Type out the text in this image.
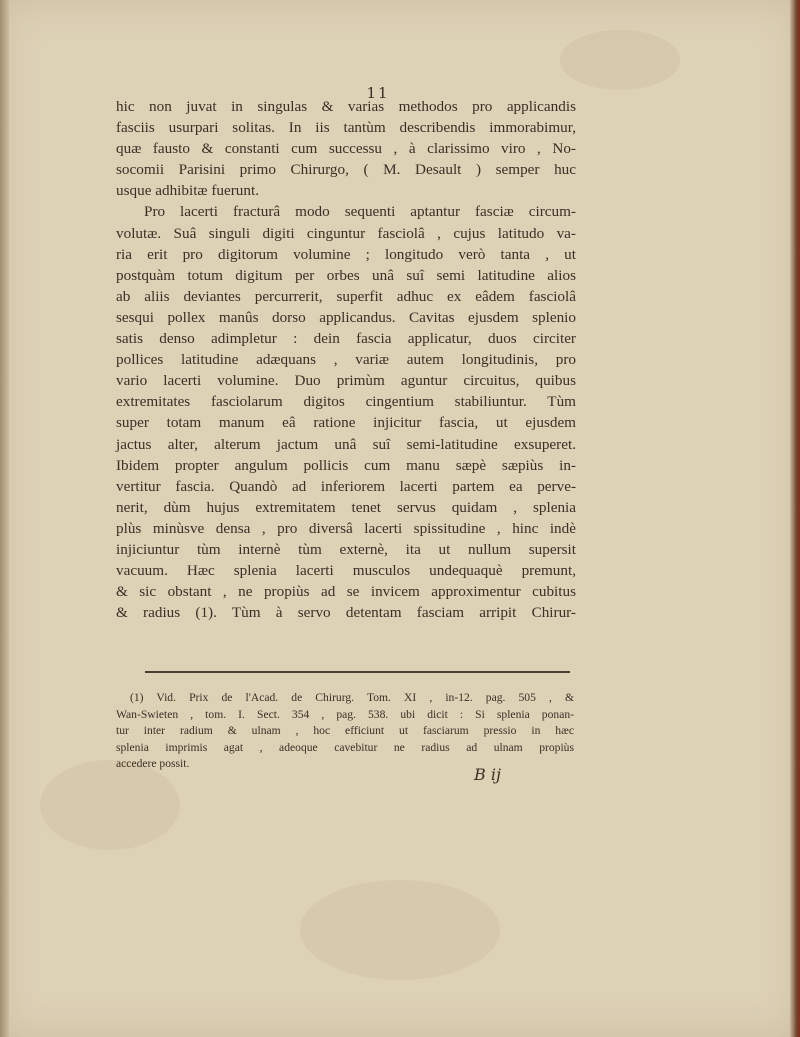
11
hic non juvat in singulas & varias methodos pro applicandis
fasciis usurpari solitas. In iis tantùm describendis immorabimur,
quæ fausto & constanti cum successu , à clarissimo viro , No-
socomii Parisini primo Chirurgo, ( M. Desault ) semper huc
usque adhibitæ fuerunt.
Pro lacerti fracturâ modo sequenti aptantur fasciæ circum-
volutæ. Suâ singuli digiti cinguntur fasciolâ , cujus latitudo va-
ria erit pro digitorum volumine ; longitudo verò tanta , ut
postquàm totum digitum per orbes unâ suî semi latitudine alios
ab aliis deviantes percurrerit, superfit adhuc ex eâdem fasciolâ
sesqui pollex manûs dorso applicandus. Cavitas ejusdem splenio
satis denso adimpletur : dein fascia applicatur, duos circiter
pollices latitudine adæquans , variæ autem longitudinis, pro
vario lacerti volumine. Duo primùm aguntur circuitus, quibus
extremitates fasciolarum digitos cingentium stabiliuntur. Tùm
super totam manum eâ ratione injicitur fascia, ut ejusdem
jactus alter, alterum jactum unâ suî semi-latitudine exsuperet.
Ibidem propter angulum pollicis cum manu sæpè sæpiùs in-
vertitur fascia. Quandò ad inferiorem lacerti partem ea perve-
nerit, dùm hujus extremitatem tenet servus quidam , splenia
plùs minùsve densa , pro diversâ lacerti spissitudine , hinc indè
injiciuntur tùm internè tùm externè, ita ut nullum supersit
vacuum. Hæc splenia lacerti musculos undequaquè premunt,
& sic obstant , ne propiùs ad se invicem approximentur cubitus
& radius (1). Tùm à servo detentam fasciam arripit Chirur-
(1) Vid. Prix de l'Acad. de Chirurg. Tom. XI , in-12. pag. 505 , &
Wan-Swieten , tom. I. Sect. 354 , pag. 538. ubi dicit : Si splenia ponan-
tur inter radium & ulnam , hoc efficiunt ut fasciarum pressio in hæc
splenia imprimis agat , adeoque cavebitur ne radius ad ulnam propiùs
accedere possit.
B ij
